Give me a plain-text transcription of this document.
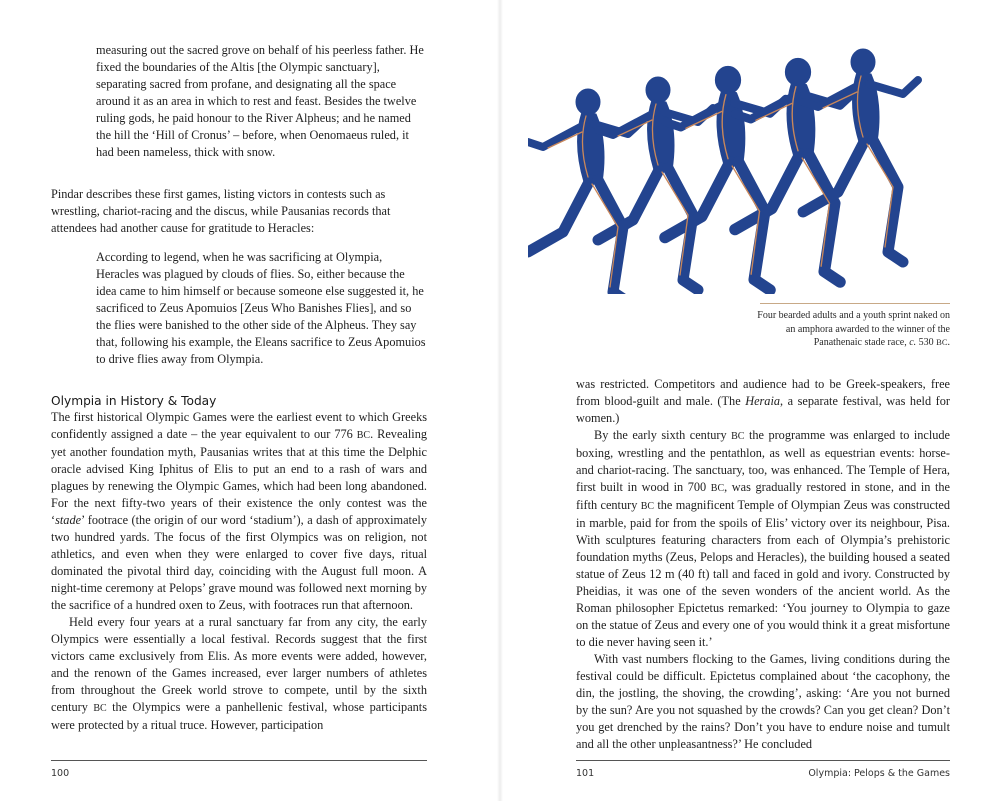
measuring out the sacred grove on behalf of his peerless father. He fixed the boundaries of the Altis [the Olympic sanctuary], separating sacred from profane, and designating all the space around it as an area in which to rest and feast. Besides the twelve ruling gods, he paid honour to the River Alpheus; and he named the hill the ‘Hill of Cronus’ – before, when Oenomaeus ruled, it had been nameless, thick with snow.

Pindar describes these first games, listing victors in contests such as wrestling, chariot-racing and the discus, while Pausanias records that attendees had another cause for gratitude to Heracles:

According to legend, when he was sacrificing at Olympia, Heracles was plagued by clouds of flies. So, either because the idea came to him himself or because someone else suggested it, he sacrificed to Zeus Apomuios [Zeus Who Banishes Flies], and so the flies were banished to the other side of the Alpheus. They say that, following his example, the Eleans sacrifice to Zeus Apomuios to drive flies away from Olympia.

Olympia in History & Today

The first historical Olympic Games were the earliest event to which Greeks confidently assigned a date – the year equivalent to our 776 BC. Revealing yet another foundation myth, Pausanias writes that at this time the Delphic oracle advised King Iphitus of Elis to put an end to a rash of wars and plagues by renewing the Olympic Games, which had been long abandoned. For the next fifty-two years of their existence the only contest was the ‘stade’ footrace (the origin of our word ‘stadium’), a dash of approximately two hundred yards. The focus of the first Olympics was on religion, not athletics, and even when they were enlarged to cover five days, ritual dominated the pivotal third day, coinciding with the August full moon. A night-time ceremony at Pelops’ grave mound was followed next morning by the sacrifice of a hundred oxen to Zeus, with footraces run that afternoon.

Held every four years at a rural sanctuary far from any city, the early Olympics were essentially a local festival. Records suggest that the first victors came exclusively from Elis. As more events were added, however, and the renown of the Games increased, ever larger numbers of athletes from throughout the Greek world strove to compete, until by the sixth century BC the Olympics were a panhellenic festival, whose participants were protected by a ritual truce. However, participation

100
Four bearded adults and a youth sprint naked on an amphora awarded to the winner of the Panathenaic stade race, c. 530 BC.

was restricted. Competitors and audience had to be Greek-speakers, free from blood-guilt and male. (The Heraia, a separate festival, was held for women.)

By the early sixth century BC the programme was enlarged to include boxing, wrestling and the pentathlon, as well as equestrian events: horse- and chariot-racing. The sanctuary, too, was enhanced. The Temple of Hera, first built in wood in 700 BC, was gradually restored in stone, and in the fifth century BC the magnificent Temple of Olympian Zeus was constructed in marble, paid for from the spoils of Elis’ victory over its neighbour, Pisa. With sculptures featuring characters from each of Olympia’s prehistoric foundation myths (Zeus, Pelops and Heracles), the building housed a seated statue of Zeus 12 m (40 ft) tall and faced in gold and ivory. Constructed by Pheidias, it was one of the seven wonders of the ancient world. As the Roman philosopher Epictetus remarked: ‘You journey to Olympia to gaze on the statue of Zeus and every one of you would think it a great misfortune to die never having seen it.’

With vast numbers flocking to the Games, living conditions during the festival could be difficult. Epictetus complained about ‘the cacophony, the din, the jostling, the shoving, the crowding’, asking: ‘Are you not burned by the sun? Are you not squashed by the crowds? Can you get clean? Don’t you get drenched by the rains? Don’t you have to endure noise and tumult and all the other unpleasantness?’ He concluded

101	Olympia: Pelops & the Games
